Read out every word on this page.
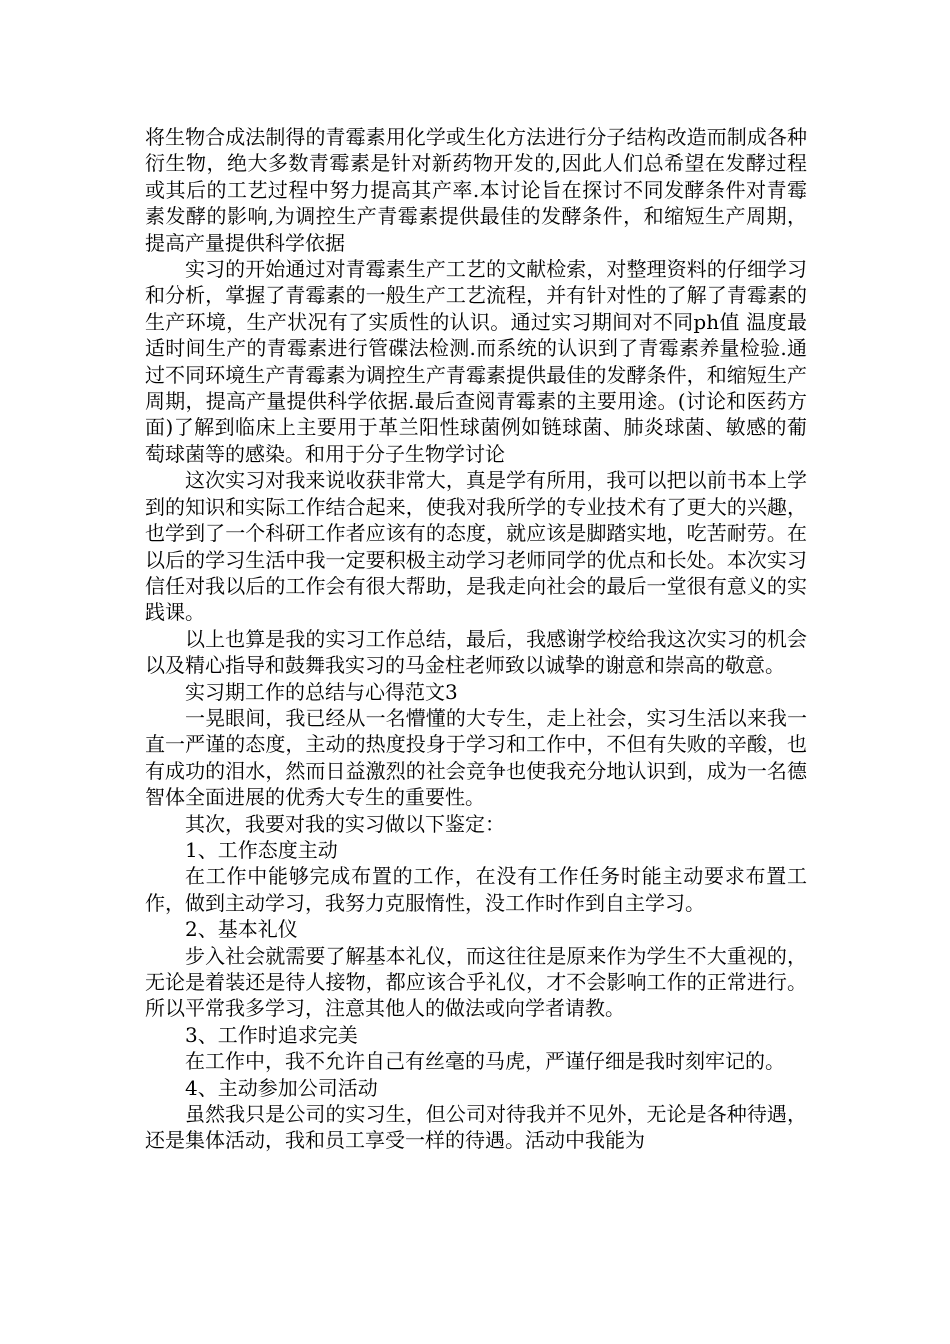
将生物合成法制得的青霉素用化学或生化方法进行分子结构改造而制成各种衍生物，绝大多数青霉素是针对新药物开发的,因此人们总希望在发酵过程或其后的工艺过程中努力提高其产率.本讨论旨在探讨不同发酵条件对青霉素发酵的影响,为调控生产青霉素提供最佳的发酵条件，和缩短生产周期，提高产量提供科学依据

实习的开始通过对青霉素生产工艺的文献检索，对整理资料的仔细学习和分析，掌握了青霉素的一般生产工艺流程，并有针对性的了解了青霉素的生产环境，生产状况有了实质性的认识。通过实习期间对不同ph值 温度最适时间生产的青霉素进行管碟法检测.而系统的认识到了青霉素养量检验.通过不同环境生产青霉素为调控生产青霉素提供最佳的发酵条件，和缩短生产周期，提高产量提供科学依据.最后查阅青霉素的主要用途。(讨论和医药方面)了解到临床上主要用于革兰阳性球菌例如链球菌、肺炎球菌、敏感的葡萄球菌等的感染。和用于分子生物学讨论

这次实习对我来说收获非常大，真是学有所用，我可以把以前书本上学到的知识和实际工作结合起来，使我对我所学的专业技术有了更大的兴趣，也学到了一个科研工作者应该有的态度，就应该是脚踏实地，吃苦耐劳。在以后的学习生活中我一定要积极主动学习老师同学的优点和长处。本次实习信任对我以后的工作会有很大帮助，是我走向社会的最后一堂很有意义的实践课。

以上也算是我的实习工作总结，最后，我感谢学校给我这次实习的机会以及精心指导和鼓舞我实习的马金柱老师致以诚挚的谢意和崇高的敬意。

实习期工作的总结与心得范文3

一晃眼间，我已经从一名懵懂的大专生，走上社会，实习生活以来我一直一严谨的态度，主动的热度投身于学习和工作中，不但有失败的辛酸，也有成功的泪水，然而日益激烈的社会竞争也使我充分地认识到，成为一名德智体全面进展的优秀大专生的重要性。

其次，我要对我的实习做以下鉴定：

1、工作态度主动

在工作中能够完成布置的工作，在没有工作任务时能主动要求布置工作，做到主动学习，我努力克服惰性，没工作时作到自主学习。

2、基本礼仪

步入社会就需要了解基本礼仪，而这往往是原来作为学生不大重视的，无论是着装还是待人接物，都应该合乎礼仪，才不会影响工作的正常进行。所以平常我多学习，注意其他人的做法或向学者请教。

3、工作时追求完美

在工作中，我不允许自己有丝毫的马虎，严谨仔细是我时刻牢记的。

4、主动参加公司活动

虽然我只是公司的实习生，但公司对待我并不见外，无论是各种待遇，还是集体活动，我和员工享受一样的待遇。活动中我能为
